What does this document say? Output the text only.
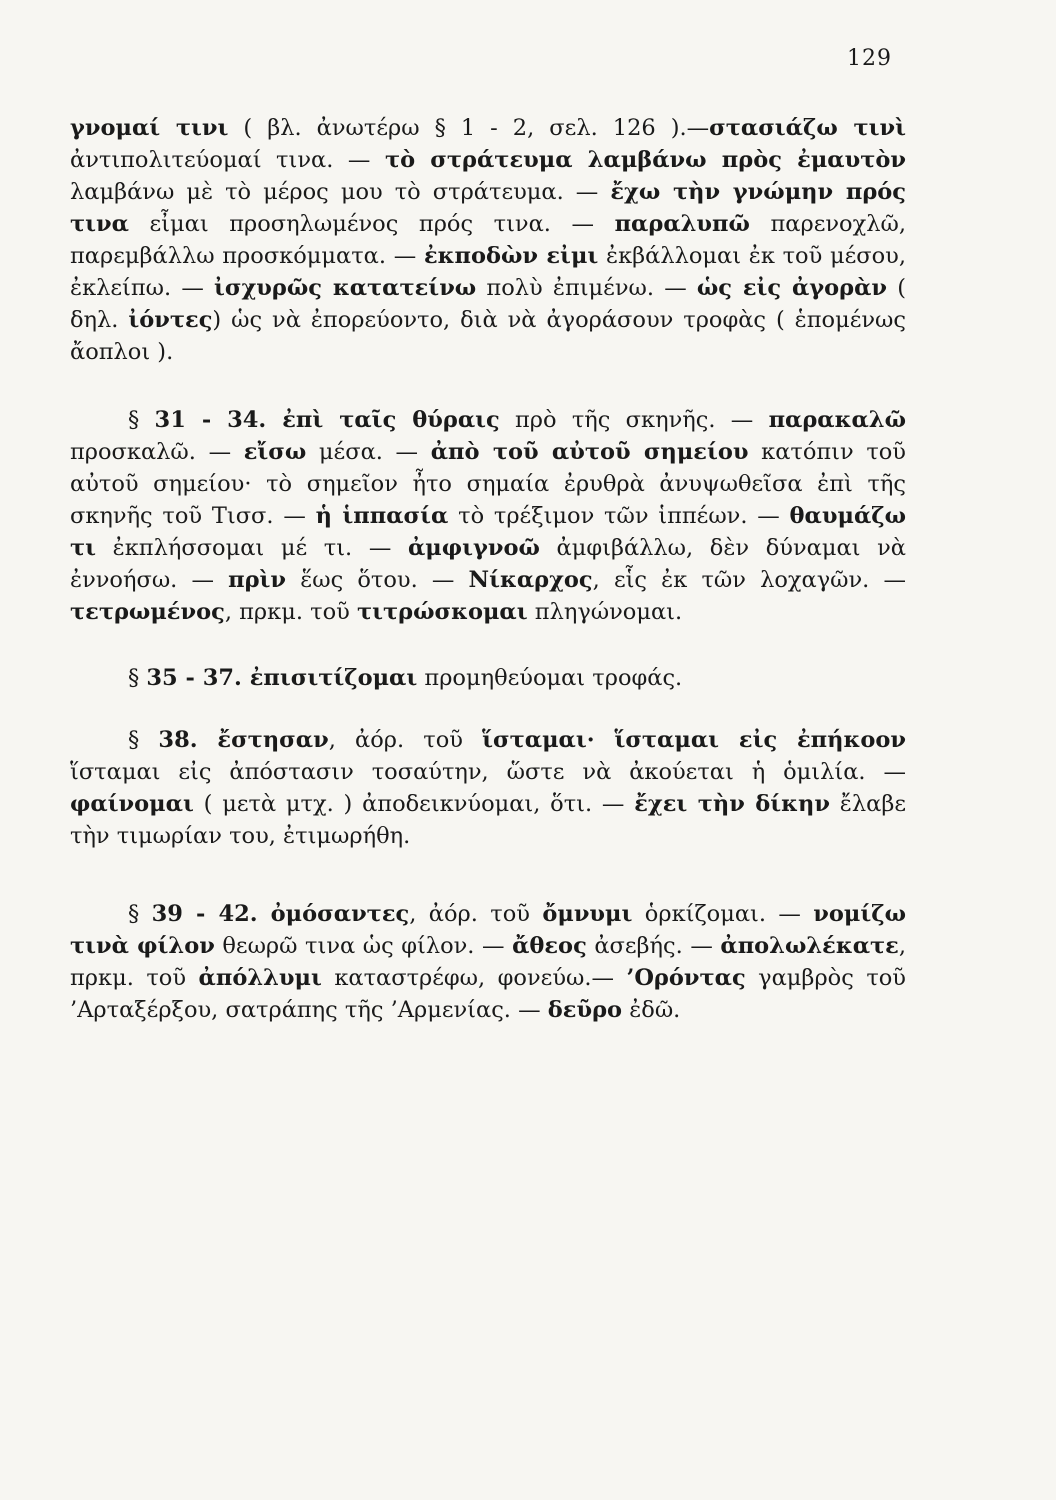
129

γνομαί τινι ( βλ. ἀνωτέρω § 1 - 2, σελ. 126 ).—στασιάζω τινὶ ἀντιπολιτεύομαί τινα. — τὸ στράτευμα λαμβάνω πρὸς ἐμαυτὸν λαμβάνω μὲ τὸ μέρος μου τὸ στράτευμα. — ἔχω τὴν γνώμην πρός τινα εἶμαι προσηλωμένος πρός τινα. — παραλυπῶ παρενοχλῶ, παρεμβάλλω προσκόμματα. — ἐκποδὼν εἰμι ἐκβάλλομαι ἐκ τοῦ μέσου, ἐκλείπω. — ἰσχυρῶς κατατείνω πολὺ ἐπιμένω. — ὡς εἰς ἀγορὰν ( δηλ. ἰόντες) ὡς νὰ ἐπορεύοντο, διὰ νὰ ἀγοράσουν τροφὰς ( ἑπομένως ἄοπλοι ).

§ 31 - 34. ἐπὶ ταῖς θύραις πρὸ τῆς σκηνῆς. — παρακαλῶ προσκαλῶ. — εἴσω μέσα. — ἀπὸ τοῦ αὐτοῦ σημείου κατόπιν τοῦ αὐτοῦ σημείου· τὸ σημεῖον ἦτο σημαία ἐρυθρὰ ἀνυψωθεῖσα ἐπὶ τῆς σκηνῆς τοῦ Τισσ. — ἡ ἱππασία τὸ τρέξιμον τῶν ἱππέων. — θαυμάζω τι ἐκπλήσσομαι μέ τι. — ἀμφιγνοῶ ἀμφιβάλλω, δὲν δύναμαι νὰ ἐννοήσω. — πρὶν ἕως ὅτου. — Νίκαρχος, εἷς ἐκ τῶν λοχαγῶν. — τετρωμένος, πρκμ. τοῦ τιτρώσκομαι πληγώνομαι.

§ 35 - 37. ἐπισιτίζομαι προμηθεύομαι τροφάς.

§ 38. ἔστησαν, ἀόρ. τοῦ ἵσταμαι· ἵσταμαι εἰς ἐπήκοον ἵσταμαι εἰς ἀπόστασιν τοσαύτην, ὥστε νὰ ἀκούεται ἡ ὁμιλία. — φαίνομαι ( μετὰ μτχ. ) ἀποδεικνύομαι, ὅτι. — ἔχει τὴν δίκην ἔλαβε τὴν τιμωρίαν του, ἐτιμωρήθη.

§ 39 - 42. ὀμόσαντες, ἀόρ. τοῦ ὄμνυμι ὁρκίζομαι. — νομίζω τινὰ φίλον θεωρῶ τινα ὡς φίλον. — ἄθεος ἀσεβής. — ἀπολωλέκατε, πρκμ. τοῦ ἀπόλλυμι καταστρέφω, φονεύω.— ’Ορόντας γαμβρὸς τοῦ ’Αρταξέρξου, σατράπης τῆς ’Αρμενίας. — δεῦρο ἐδῶ.
